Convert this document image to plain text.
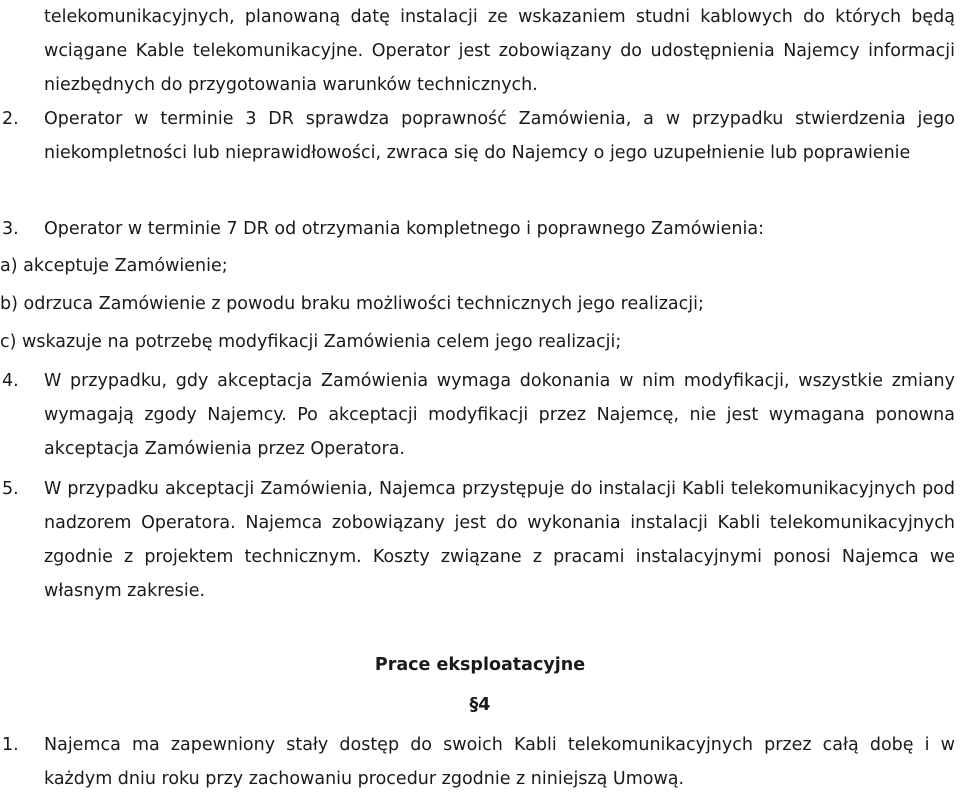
telekomunikacyjnych, planowaną datę instalacji ze wskazaniem studni kablowych do których będą wciągane Kable telekomunikacyjne. Operator jest zobowiązany do udostępnienia Najemcy informacji niezbędnych do przygotowania warunków technicznych.

2. Operator w terminie 3 DR sprawdza poprawność Zamówienia, a w przypadku stwierdzenia jego niekompletności lub nieprawidłowości, zwraca się do Najemcy o jego uzupełnienie lub poprawienie
3. Operator w terminie 7 DR od otrzymania kompletnego i poprawnego Zamówienia:

a) akceptuje Zamówienie;

b) odrzuca Zamówienie z powodu braku możliwości technicznych jego realizacji;

c) wskazuje na potrzebę modyfikacji Zamówienia celem jego realizacji;

4. W przypadku, gdy akceptacja Zamówienia wymaga dokonania w nim modyfikacji, wszystkie zmiany wymagają zgody Najemcy. Po akceptacji modyfikacji przez Najemcę, nie jest wymagana ponowna akceptacja Zamówienia przez Operatora.
5. W przypadku akceptacji Zamówienia, Najemca przystępuje do instalacji Kabli telekomunikacyjnych pod nadzorem Operatora. Najemca zobowiązany jest do wykonania instalacji Kabli telekomunikacyjnych zgodnie z projektem technicznym. Koszty związane z pracami instalacyjnymi ponosi Najemca we własnym zakresie.

Prace eksploatacyjne

§4

1. Najemca ma zapewniony stały dostęp do swoich Kabli telekomunikacyjnych przez całą dobę i w każdym dniu roku przy zachowaniu procedur zgodnie z niniejszą Umową.
